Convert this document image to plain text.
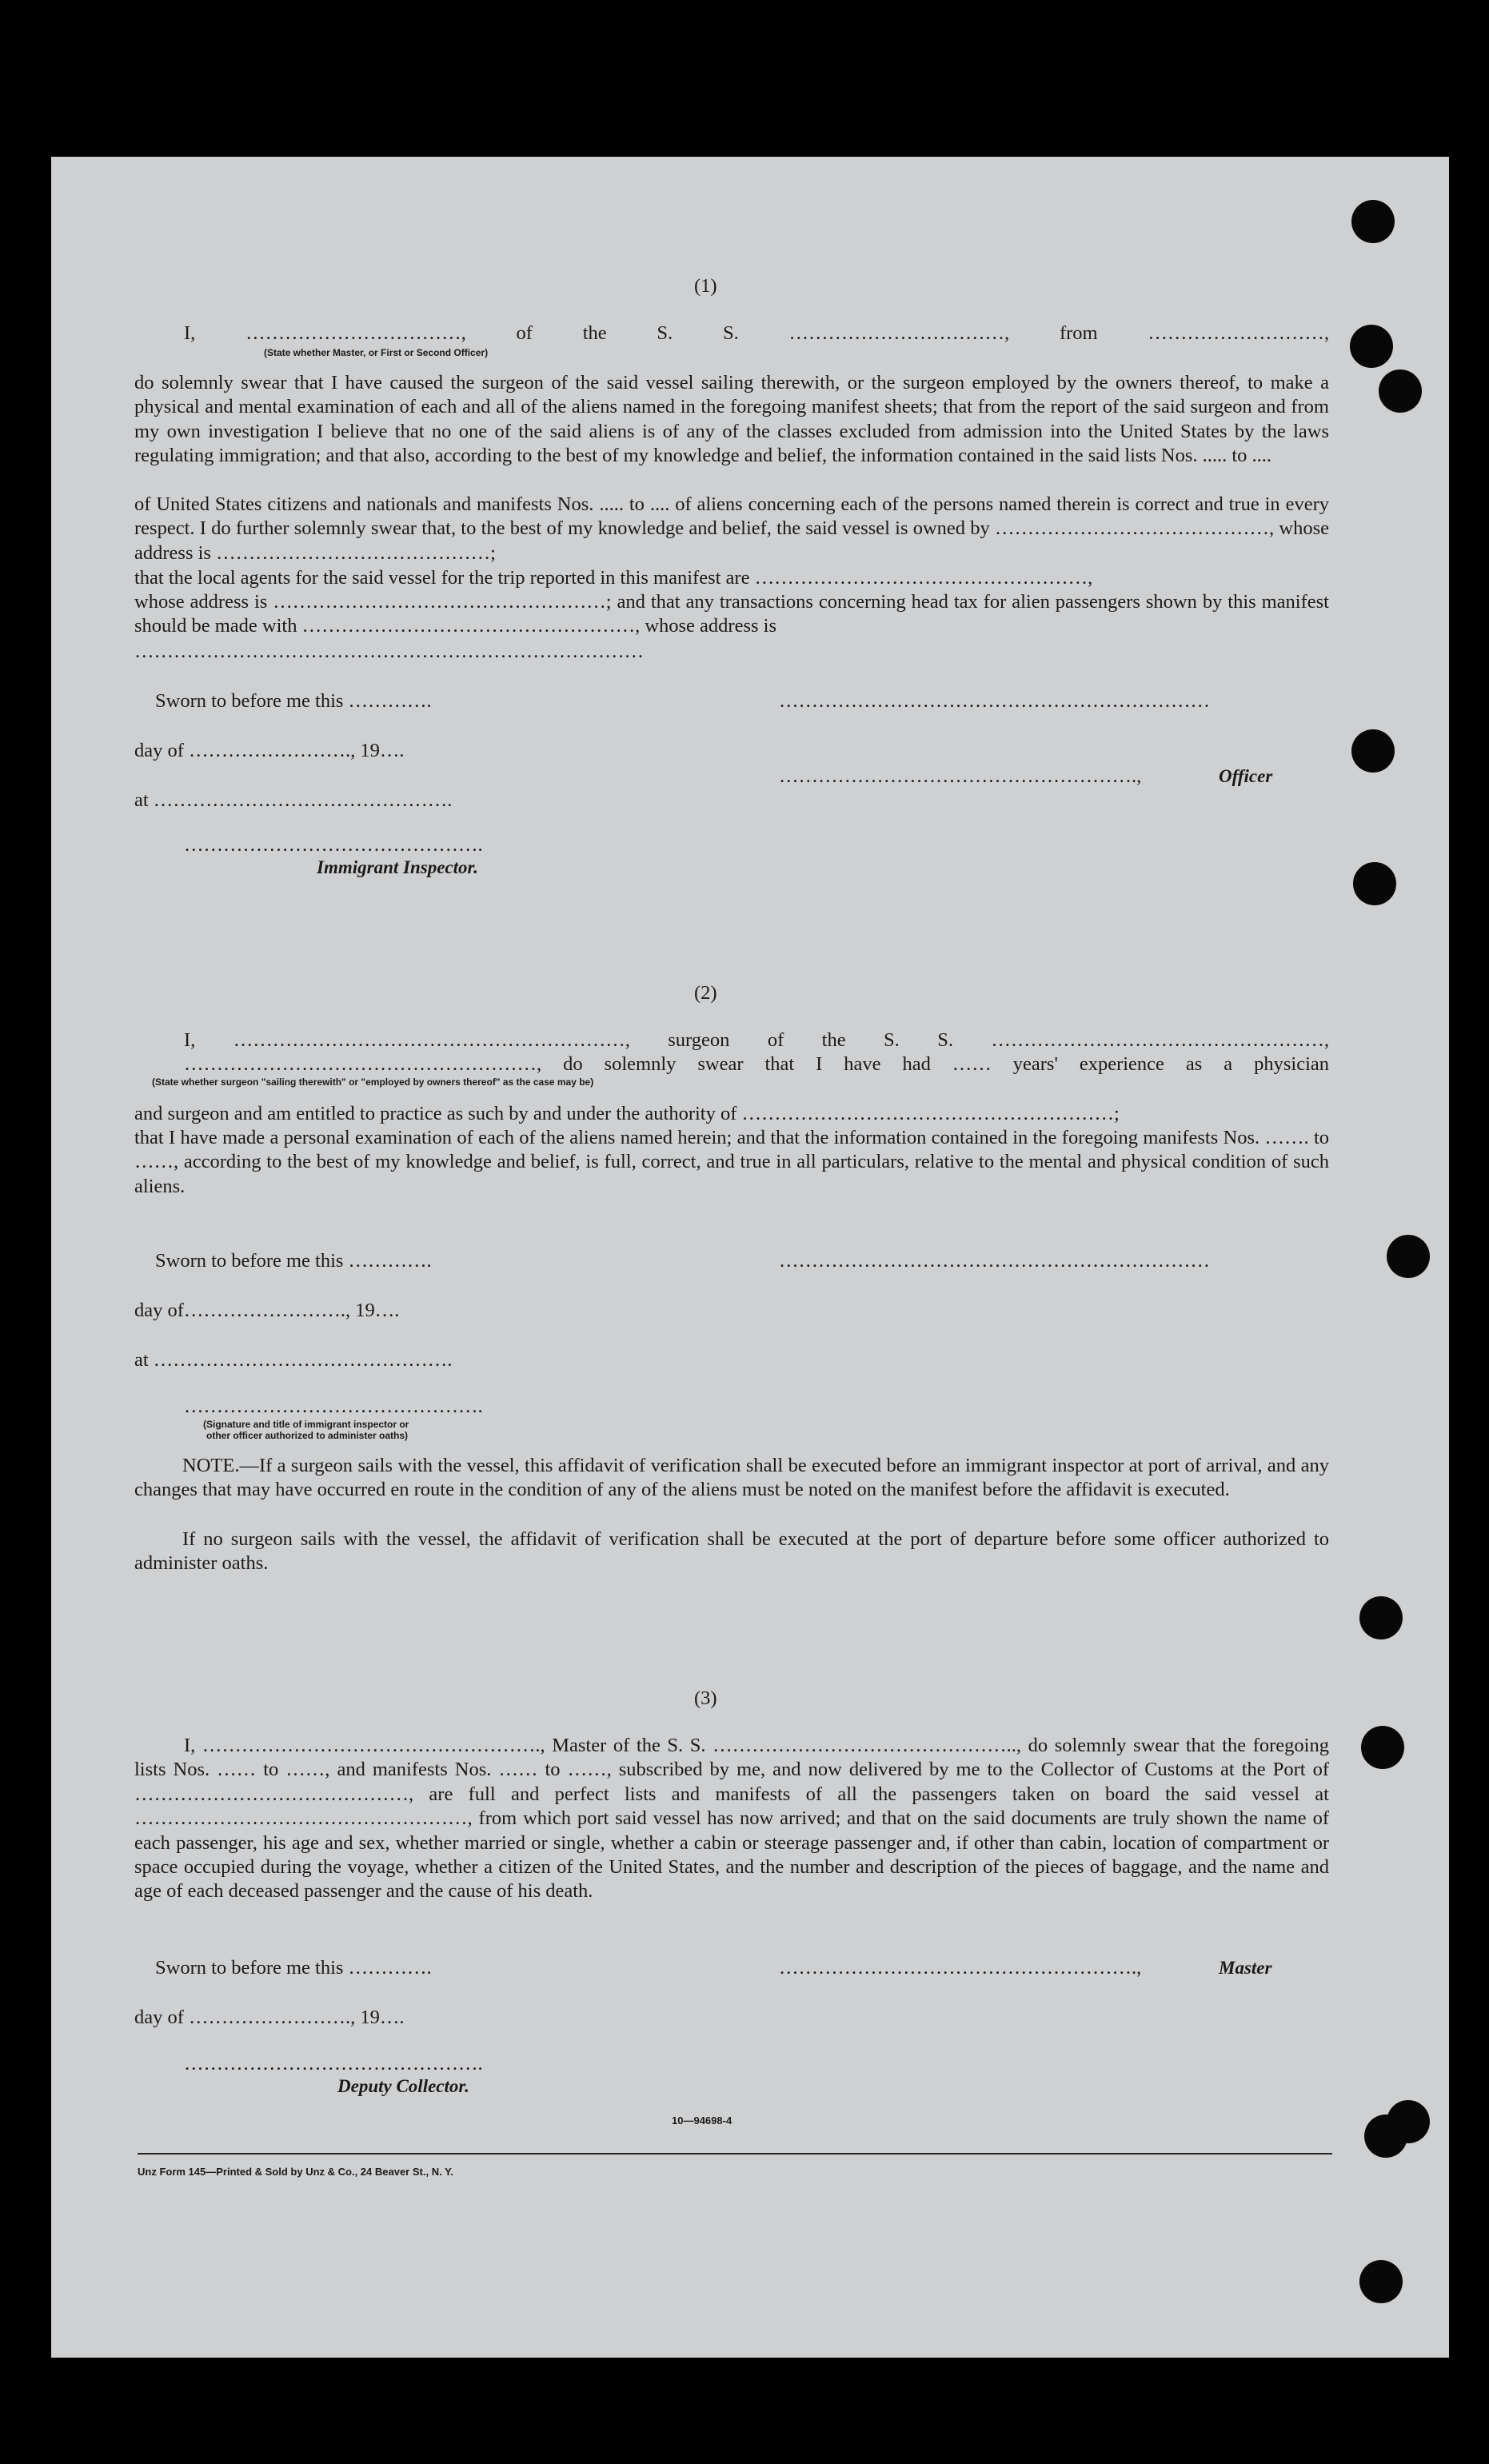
(1)
I, ……………………………, of the S. S. ……………………………, from ………………………,
(State whether Master, or First or Second Officer)
do solemnly swear that I have caused the surgeon of the said vessel sailing therewith, or the surgeon employed by the owners thereof, to make a physical and mental examination of each and all of the aliens named in the foregoing manifest sheets; that from the report of the said surgeon and from my own investigation I believe that no one of the said aliens is of any of the classes excluded from admission into the United States by the laws regulating immigration; and that also, according to the best of my knowledge and belief, the information contained in the said lists Nos. ..... to ....
of United States citizens and nationals and manifests Nos. ..... to .... of aliens concerning each of the persons named therein is correct and true in every respect. I do further solemnly swear that, to the best of my knowledge and belief, the said vessel is owned by ……………………………………, whose address is ……………………………………;
that the local agents for the said vessel for the trip reported in this manifest are ……………………………………………,
whose address is ……………………………………………; and that any transactions concerning head tax for alien passengers shown by this manifest should be made with ……………………………………………, whose address is
……………………………………………………………………
Sworn to before me this ………….	…………………………………………………………
day of ……………………., 19….
……………………………………………….,	Officer
at ……………………………………….
……………………………………….
Immigrant Inspector.
(2)
I, ……………………………………………………, surgeon of the S. S. ……………………………………………,
………………………………………………, do solemnly swear that I have had …… years' experience as a physician
(State whether surgeon "sailing therewith" or "employed by owners thereof" as the case may be)
and surgeon and am entitled to practice as such by and under the authority of …………………………………………………;
that I have made a personal examination of each of the aliens named herein; and that the information contained in the foregoing manifests Nos. ……. to ……, according to the best of my knowledge and belief, is full, correct, and true in all particulars, relative to the mental and physical condition of such aliens.
Sworn to before me this ………….	…………………………………………………………
day of……………………., 19….
at ……………………………………….
……………………………………….
(Signature and title of immigrant inspector or
other officer authorized to administer oaths)
NOTE.—If a surgeon sails with the vessel, this affidavit of verification shall be executed before an immigrant inspector at port of arrival, and any changes that may have occurred en route in the condition of any of the aliens must be noted on the manifest before the affidavit is executed.
If no surgeon sails with the vessel, the affidavit of verification shall be executed at the port of departure before some officer authorized to administer oaths.
(3)
I, ……………………………………………., Master of the S. S. ……………………………………….., do solemnly swear that the foregoing lists Nos. …… to ……, and manifests Nos. …… to ……, subscribed by me, and now delivered by me to the Collector of Customs at the Port of ……………………………………, are full and perfect lists and manifests of all the passengers taken on board the said vessel at ……………………………………………, from which port said vessel has now arrived; and that on the said documents are truly shown the name of each passenger, his age and sex, whether married or single, whether a cabin or steerage passenger and, if other than cabin, location of compartment or space occupied during the voyage, whether a citizen of the United States, and the number and description of the pieces of baggage, and the name and age of each deceased passenger and the cause of his death.
Sworn to before me this ………….	……………………………………………….,	Master
day of ……………………., 19….
……………………………………….
Deputy Collector.
10—94698-4
Unz Form 145—Printed & Sold by Unz & Co., 24 Beaver St., N. Y.
